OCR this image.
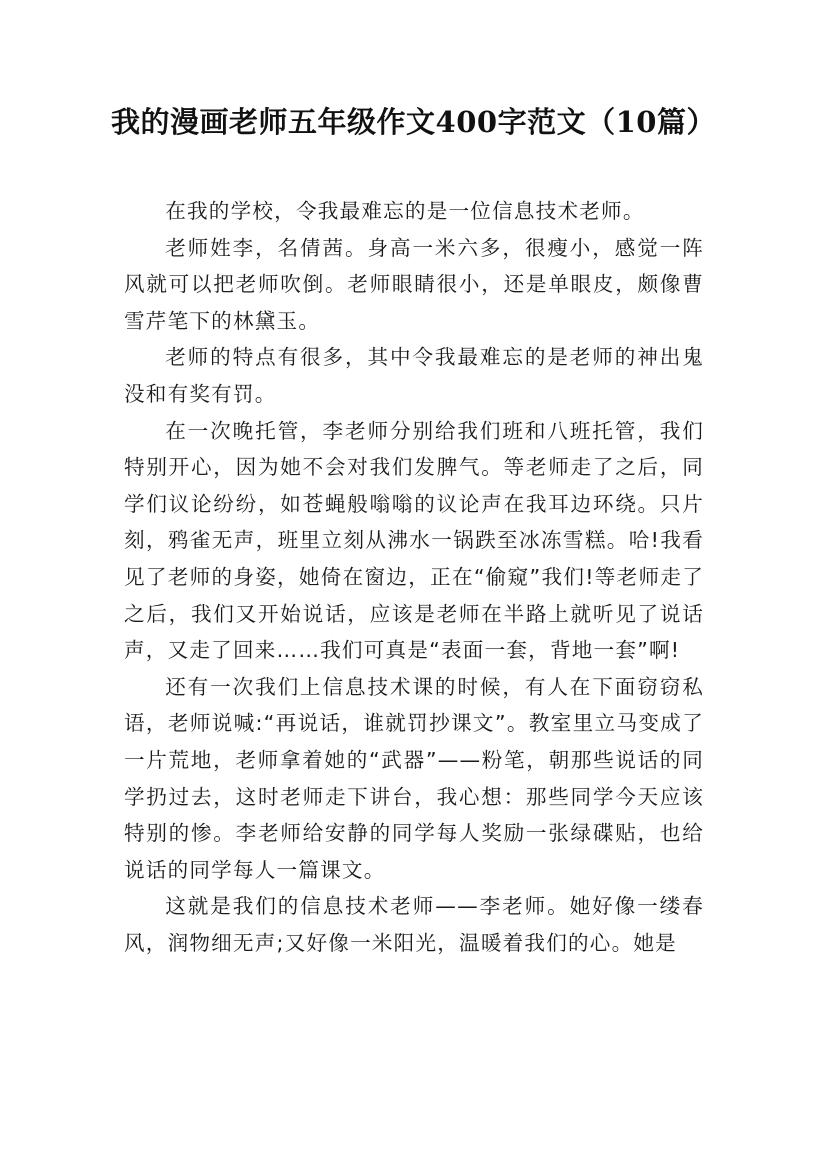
我的漫画老师五年级作文400字范文（10篇）

在我的学校，令我最难忘的是一位信息技术老师。

老师姓李，名倩茜。身高一米六多，很瘦小，感觉一阵风就可以把老师吹倒。老师眼睛很小，还是单眼皮，颇像曹雪芹笔下的林黛玉。

老师的特点有很多，其中令我最难忘的是老师的神出鬼没和有奖有罚。

在一次晚托管，李老师分别给我们班和八班托管，我们特别开心，因为她不会对我们发脾气。等老师走了之后，同学们议论纷纷，如苍蝇般嗡嗡的议论声在我耳边环绕。只片刻，鸦雀无声，班里立刻从沸水一锅跌至冰冻雪糕。哈!我看见了老师的身姿，她倚在窗边，正在“偷窥”我们!等老师走了之后，我们又开始说话，应该是老师在半路上就听见了说话声，又走了回来……我们可真是“表面一套，背地一套”啊!

还有一次我们上信息技术课的时候，有人在下面窃窃私语，老师说喊:“再说话，谁就罚抄课文”。教室里立马变成了一片荒地，老师拿着她的“武器”——粉笔，朝那些说话的同学扔过去，这时老师走下讲台，我心想：那些同学今天应该特别的惨。李老师给安静的同学每人奖励一张绿碟贴，也给说话的同学每人一篇课文。

这就是我们的信息技术老师——李老师。她好像一缕春风，润物细无声;又好像一米阳光，温暖着我们的心。她是
